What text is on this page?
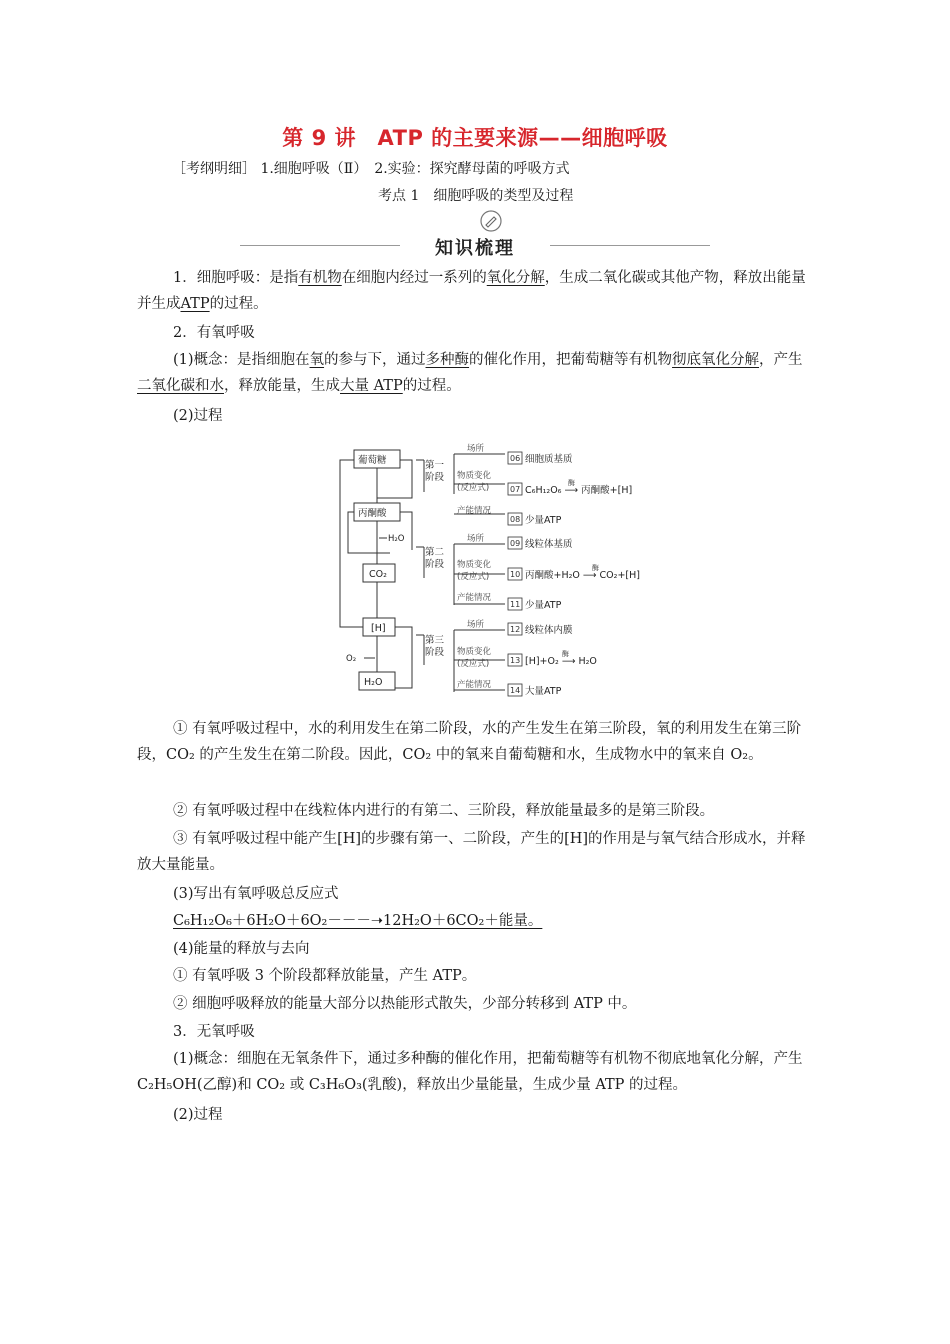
第 9 讲　ATP 的主要来源——细胞呼吸
［考纲明细］ 1.细胞呼吸（Ⅱ）　2.实验：探究酵母菌的呼吸方式
考点 1　细胞呼吸的类型及过程
知识梳理
1．细胞呼吸：是指有机物在细胞内经过一系列的氧化分解，生成二氧化碳或其他产物，释放出能量并生成ATP的过程。
2．有氧呼吸
(1)概念：是指细胞在氧的参与下，通过多种酶的催化作用，把葡萄糖等有机物彻底氧化分解，产生二氧化碳和水，释放能量，生成大量 ATP的过程。
(2)过程
葡萄糖
丙酮酸
CO₂
[H]
H₂O
H₂O
O₂
第一
阶段
第二
阶段
第三
阶段
场所
物质变化
(反应式)
产能情况
场所
物质变化
(反应式)
产能情况
场所
物质变化
(反应式)
产能情况
06
07
08
09
10
11
12
13
14
细胞质基质
C₆H₁₂O₆ ⟶ 丙酮酸+[H]
少量ATP
线粒体基质
丙酮酸+H₂O ⟶ CO₂+[H]
少量ATP
线粒体内膜
[H]+O₂ ⟶ H₂O
大量ATP
酶
酶
酶
① 有氧呼吸过程中，水的利用发生在第二阶段，水的产生发生在第三阶段，氧的利用发生在第三阶段，CO₂ 的产生发生在第二阶段。因此，CO₂ 中的氧来自葡萄糖和水，生成物水中的氧来自 O₂。
② 有氧呼吸过程中在线粒体内进行的有第二、三阶段，释放能量最多的是第三阶段。
③ 有氧呼吸过程中能产生[H]的步骤有第一、二阶段，产生的[H]的作用是与氧气结合形成水，并释放大量能量。
(3)写出有氧呼吸总反应式
C₆H₁₂O₆＋6H₂O＋6O₂－－－➝12H₂O＋6CO₂＋能量。
(4)能量的释放与去向
① 有氧呼吸 3 个阶段都释放能量，产生 ATP。
② 细胞呼吸释放的能量大部分以热能形式散失，少部分转移到 ATP 中。
3．无氧呼吸
(1)概念：细胞在无氧条件下，通过多种酶的催化作用，把葡萄糖等有机物不彻底地氧化分解，产生 C₂H₅OH(乙醇)和 CO₂ 或 C₃H₆O₃(乳酸)，释放出少量能量，生成少量 ATP 的过程。
(2)过程
